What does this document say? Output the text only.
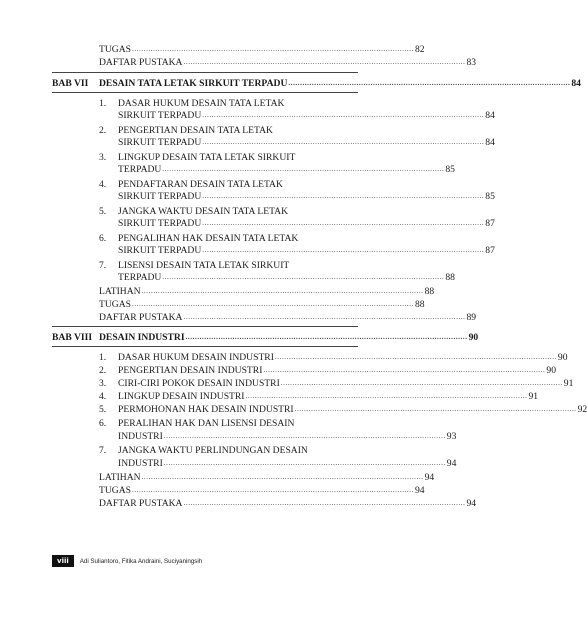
TUGAS ........................................................................................................................ 82
DAFTAR PUSTAKA ........................................................................................................................ 83
BAB VII	DESAIN TATA LETAK SIRKUIT TERPADU ........................................................................................................................ 84
1. DASAR HUKUM DESAIN TATA LETAK
SIRKUIT TERPADU ........................................................................................................................ 84
2. PENGERTIAN DESAIN TATA LETAK
SIRKUIT TERPADU ........................................................................................................................ 84
3. LINGKUP DESAIN TATA LETAK SIRKUIT
TERPADU ........................................................................................................................ 85
4. PENDAFTARAN DESAIN TATA LETAK
SIRKUIT TERPADU ........................................................................................................................ 85
5. JANGKA WAKTU DESAIN TATA LETAK
SIRKUIT TERPADU ........................................................................................................................ 87
6. PENGALIHAN HAK DESAIN TATA LETAK
SIRKUIT TERPADU ........................................................................................................................ 87
7. LISENSI DESAIN TATA LETAK SIRKUIT
TERPADU ........................................................................................................................ 88
LATIHAN ........................................................................................................................ 88
TUGAS ........................................................................................................................ 88
DAFTAR PUSTAKA ........................................................................................................................ 89
BAB VIII DESAIN INDUSTRI ........................................................................................................................ 90
1. DASAR HUKUM DESAIN INDUSTRI ........................................................................................................................ 90
2. PENGERTIAN DESAIN INDUSTRI ........................................................................................................................ 90
3. CIRI-CIRI POKOK DESAIN INDUSTRI ........................................................................................................................ 91
4. LINGKUP DESAIN INDUSTRI ........................................................................................................................ 91
5. PERMOHONAN HAK DESAIN INDUSTRI ........................................................................................................................ 92
6. PERALIHAN HAK DAN LISENSI DESAIN
INDUSTRI ........................................................................................................................ 93
7. JANGKA WAKTU PERLINDUNGAN DESAIN
INDUSTRI ........................................................................................................................ 94
LATIHAN ........................................................................................................................ 94
TUGAS ........................................................................................................................ 94
DAFTAR PUSTAKA ........................................................................................................................ 94
viii	Adi Suliantoro, Fitika Andraini, Suciyaningsih
